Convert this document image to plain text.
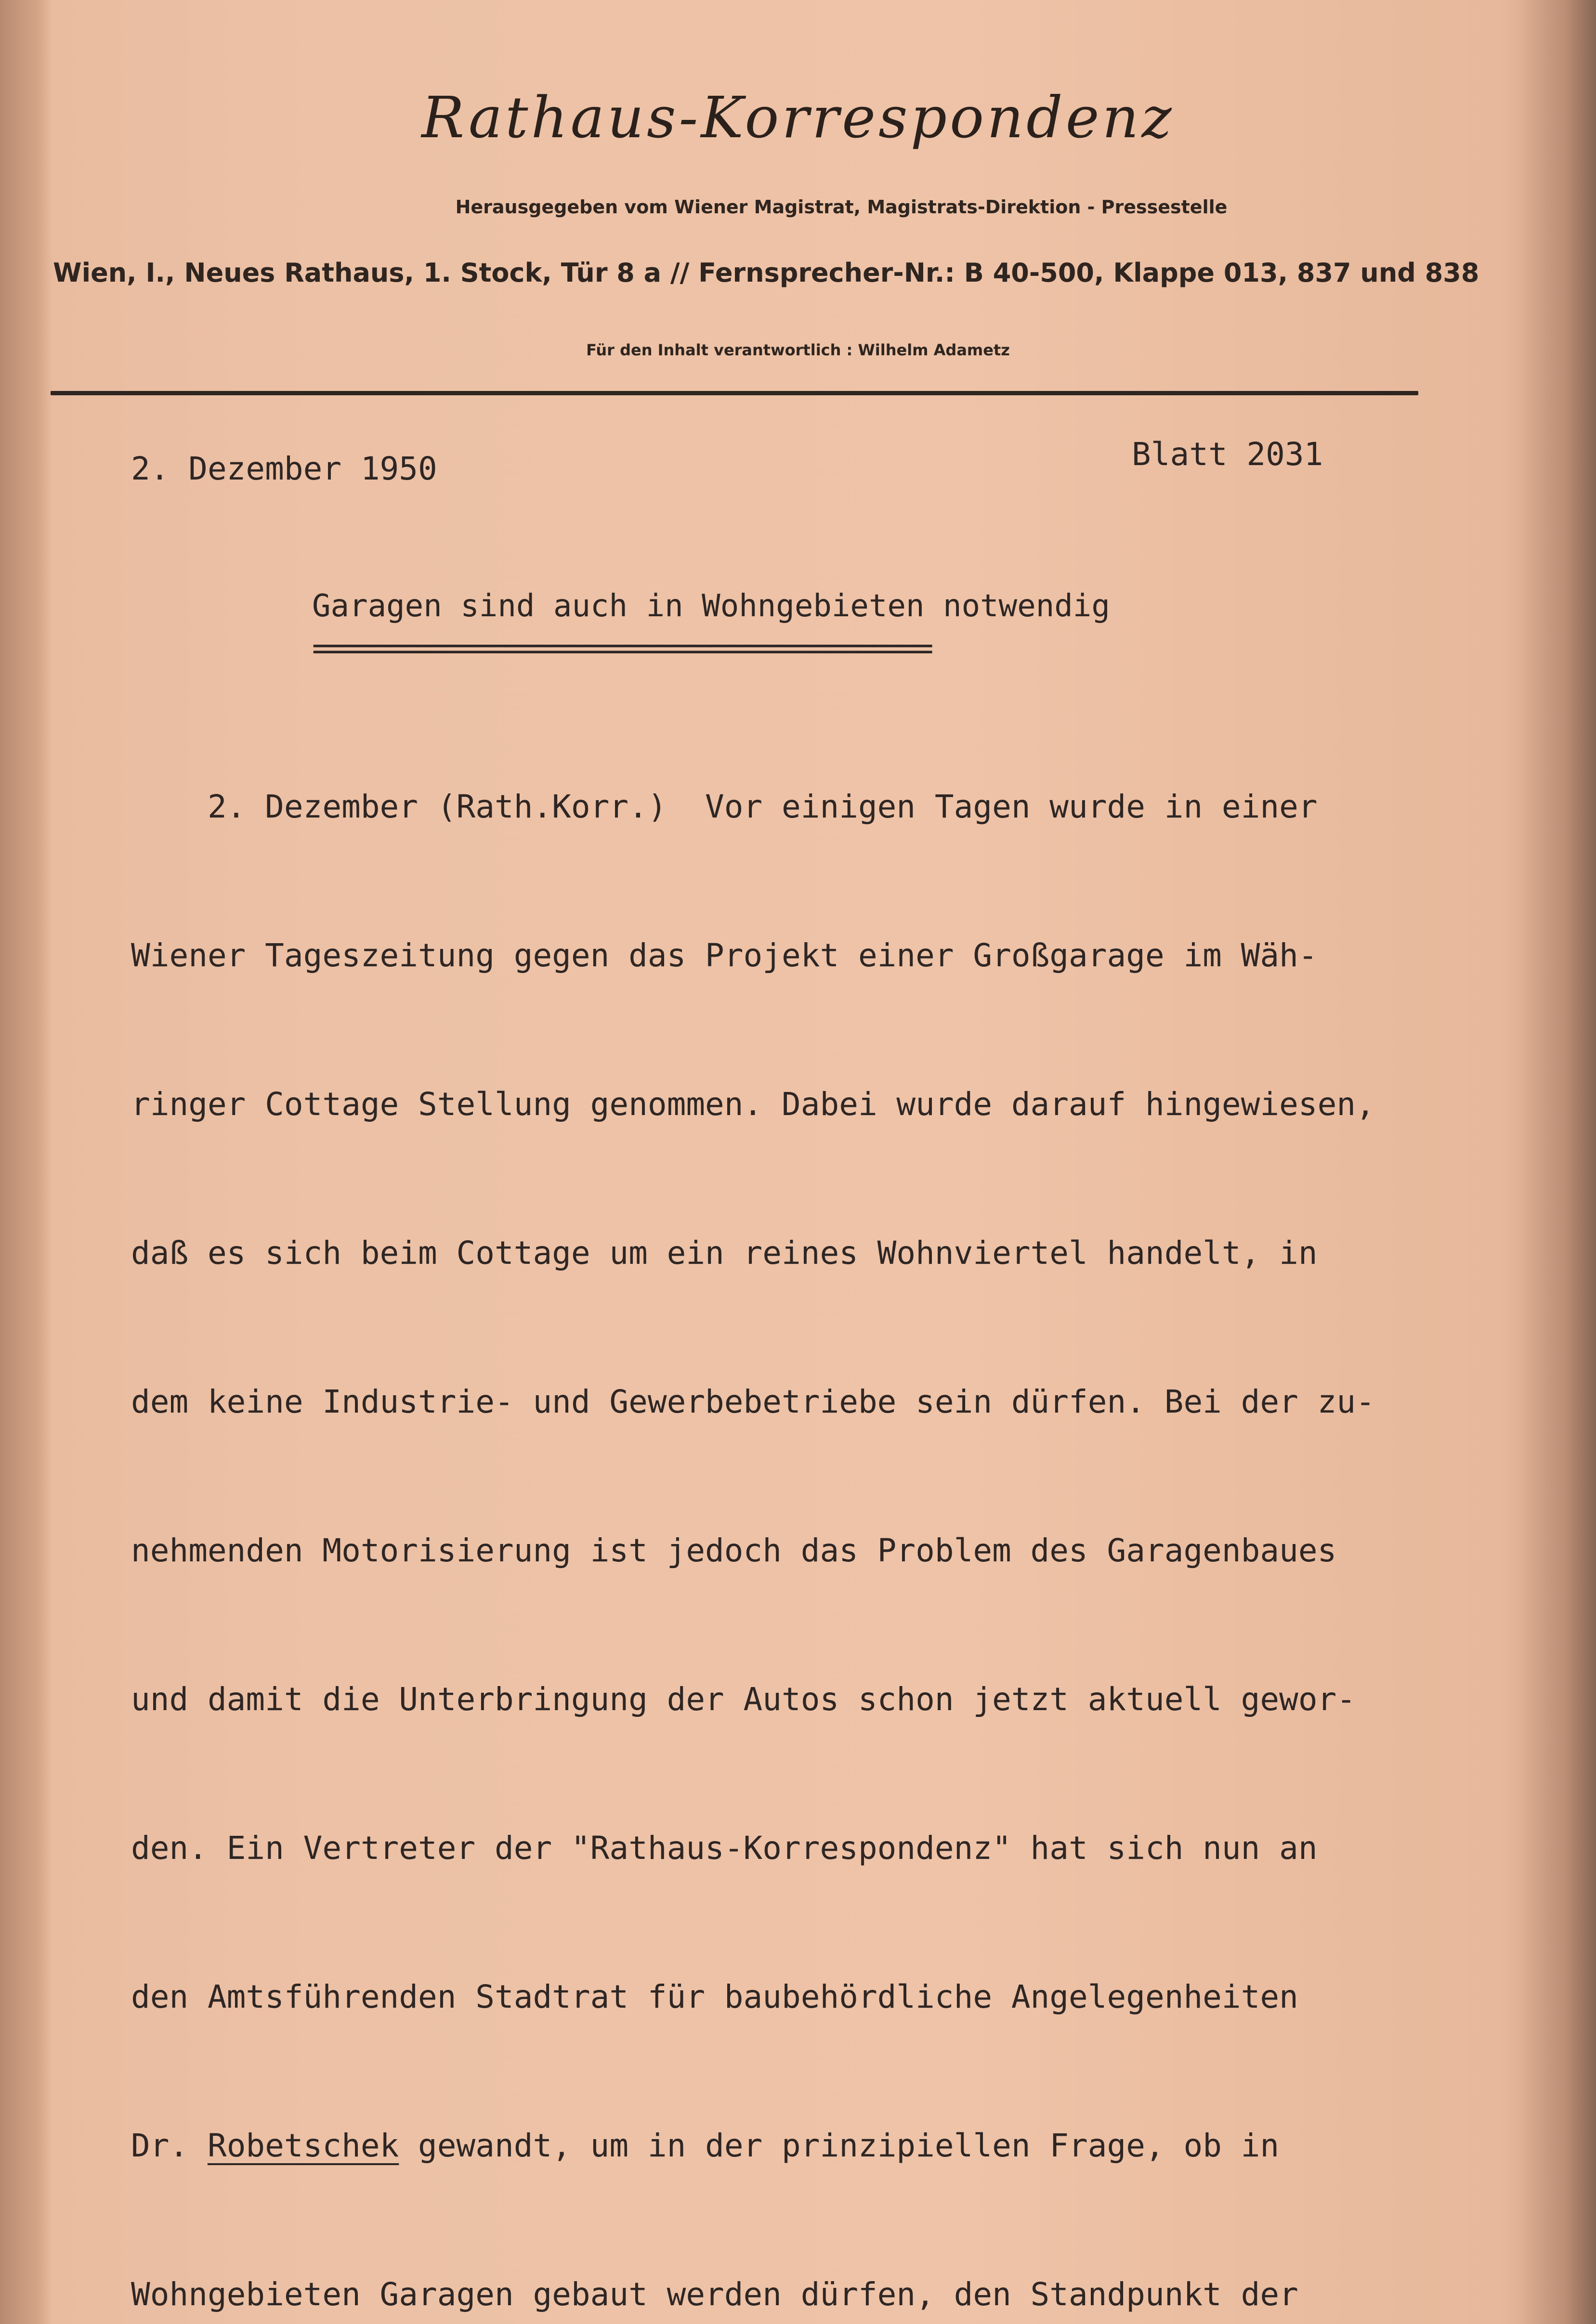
Rathaus-Korrespondenz
Herausgegeben vom Wiener Magistrat, Magistrats-Direktion - Pressestelle
Wien, I., Neues Rathaus, 1. Stock, Tür 8 a // Fernsprecher-Nr.: B 40-500, Klappe 013, 837 und 838
Für den Inhalt verantwortlich : Wilhelm Adametz
2. Dezember 1950	Blatt 2031
Garagen sind auch in Wohngebieten notwendig
==========================================

2. Dezember (Rath.Korr.)  Vor einigen Tagen wurde in einer

Wiener Tageszeitung gegen das Projekt einer Großgarage im Wäh-

ringer Cottage Stellung genommen. Dabei wurde darauf hingewiesen,

daß es sich beim Cottage um ein reines Wohnviertel handelt, in

dem keine Industrie- und Gewerbebetriebe sein dürfen. Bei der zu-

nehmenden Motorisierung ist jedoch das Problem des Garagenbaues

und damit die Unterbringung der Autos schon jetzt aktuell gewor-

den. Ein Vertreter der "Rathaus-Korrespondenz" hat sich nun an

den Amtsführenden Stadtrat für baubehördliche Angelegenheiten

Dr. Robetschek gewandt, um in der prinzipiellen Frage, ob in

Wohngebieten Garagen gebaut werden dürfen, den Standpunkt der
